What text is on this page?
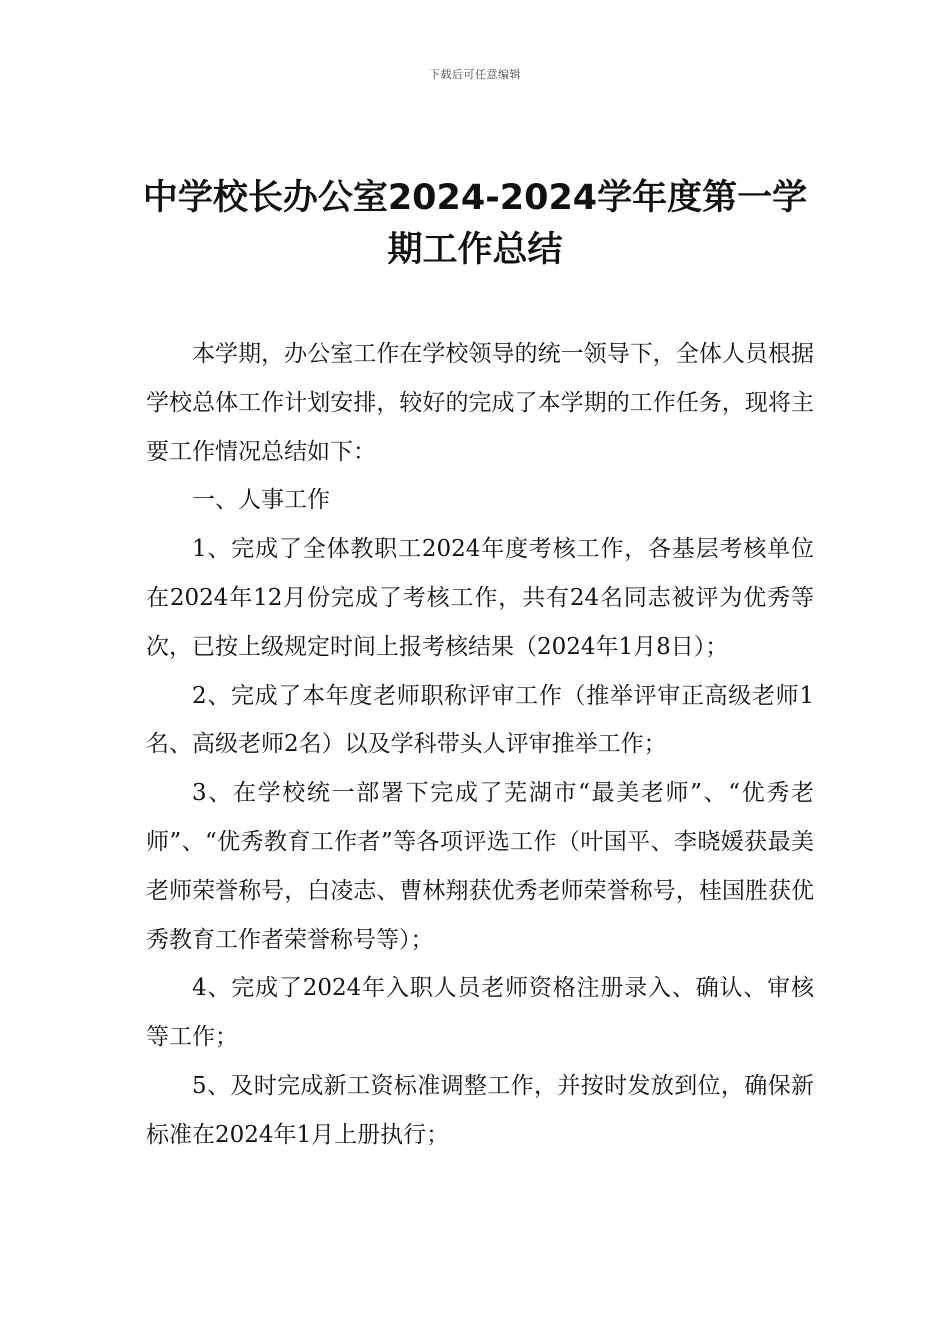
下载后可任意编辑
中学校长办公室2024-2024学年度第一学期工作总结

本学期，办公室工作在学校领导的统一领导下，全体人员根据学校总体工作计划安排，较好的完成了本学期的工作任务，现将主要工作情况总结如下：

一、人事工作

1、完成了全体教职工2024年度考核工作，各基层考核单位在2024年12月份完成了考核工作，共有24名同志被评为优秀等次，已按上级规定时间上报考核结果（2024年1月8日）；

2、完成了本年度老师职称评审工作（推举评审正高级老师1名、高级老师2名）以及学科带头人评审推举工作；

3、在学校统一部署下完成了芜湖市“最美老师”、“优秀老师”、“优秀教育工作者”等各项评选工作（叶国平、李晓媛获最美老师荣誉称号，白凌志、曹林翔获优秀老师荣誉称号，桂国胜获优秀教育工作者荣誉称号等）；

4、完成了2024年入职人员老师资格注册录入、确认、审核等工作；

5、及时完成新工资标准调整工作，并按时发放到位，确保新标准在2024年1月上册执行；
